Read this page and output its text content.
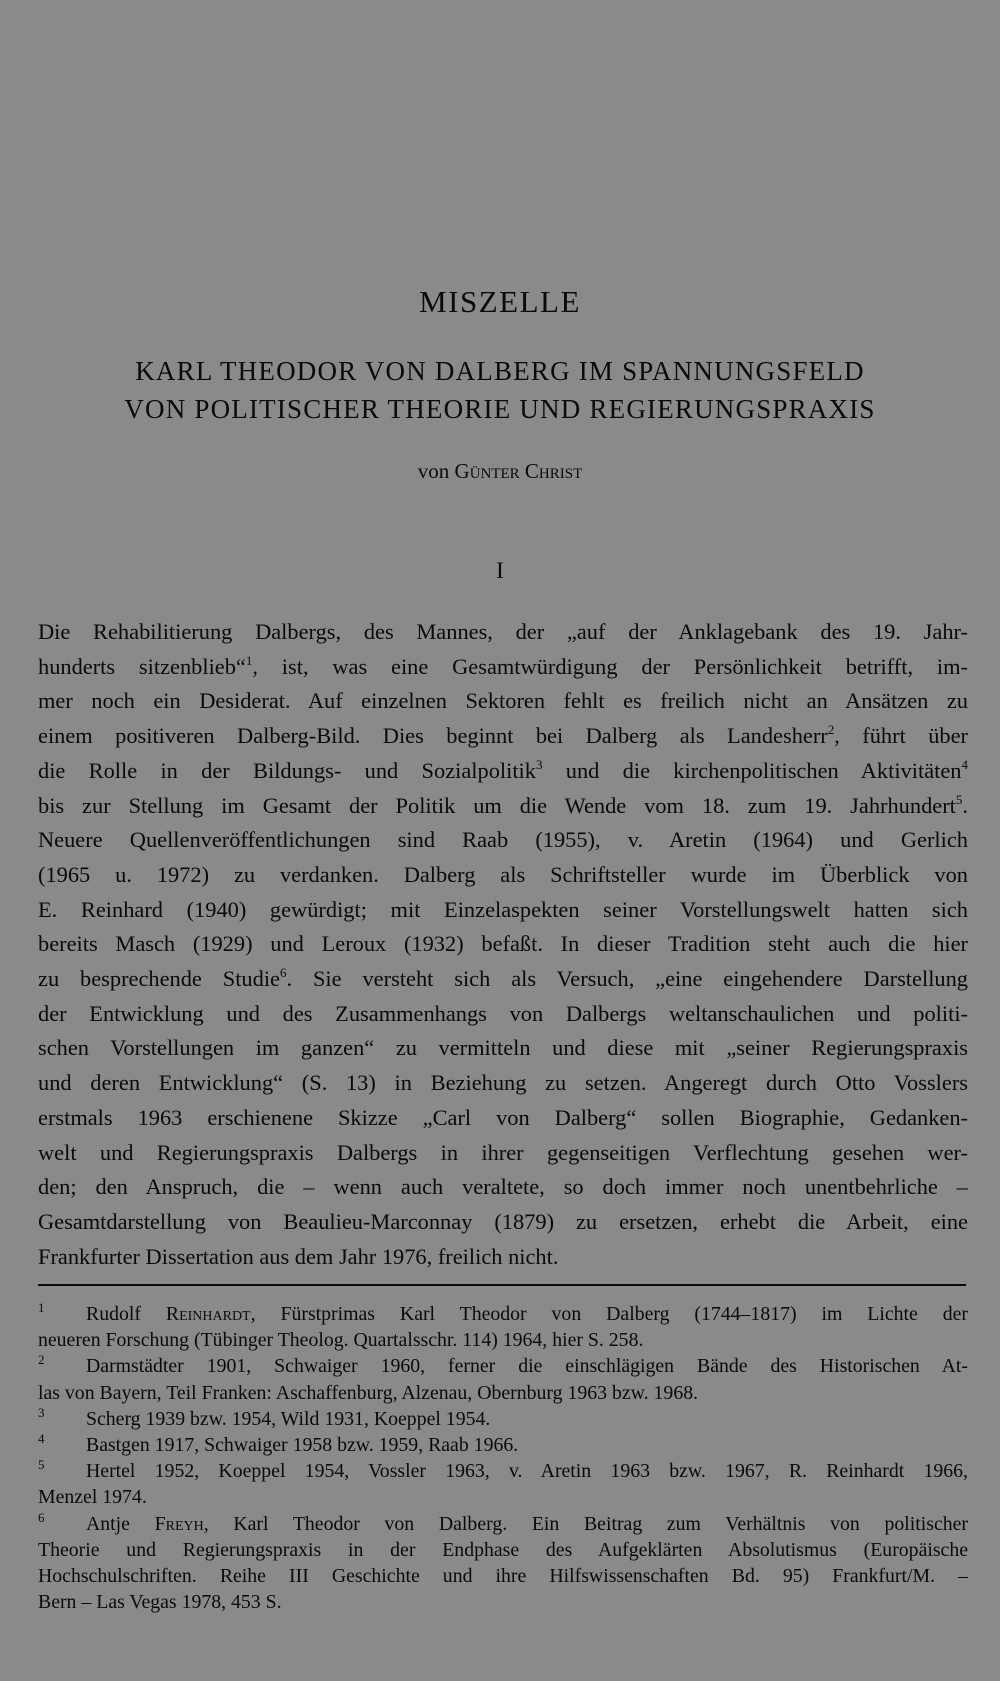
MISZELLE
KARL THEODOR VON DALBERG IM SPANNUNGSFELD
VON POLITISCHER THEORIE UND REGIERUNGSPRAXIS
von Günter Christ
I
Die Rehabilitierung Dalbergs, des Mannes, der „auf der Anklagebank des 19. Jahr-
hunderts sitzenblieb“$^1$, ist, was eine Gesamtwürdigung der Persönlichkeit betrifft, im-
mer noch ein Desiderat. Auf einzelnen Sektoren fehlt es freilich nicht an Ansätzen zu
einem positiveren Dalberg-Bild. Dies beginnt bei Dalberg als Landesherr$^2$, führt über
die Rolle in der Bildungs- und Sozialpolitik$^3$ und die kirchenpolitischen Aktivitäten$^4$
bis zur Stellung im Gesamt der Politik um die Wende vom 18. zum 19. Jahrhundert$^5$.
Neuere Quellenveröffentlichungen sind Raab (1955), v. Aretin (1964) und Gerlich
(1965 u. 1972) zu verdanken. Dalberg als Schriftsteller wurde im Überblick von
E. Reinhard (1940) gewürdigt; mit Einzelaspekten seiner Vorstellungswelt hatten sich
bereits Masch (1929) und Leroux (1932) befaßt. In dieser Tradition steht auch die hier
zu besprechende Studie$^6$. Sie versteht sich als Versuch, „eine eingehendere Darstellung
der Entwicklung und des Zusammenhangs von Dalbergs weltanschaulichen und politi-
schen Vorstellungen im ganzen“ zu vermitteln und diese mit „seiner Regierungspraxis
und deren Entwicklung“ (S. 13) in Beziehung zu setzen. Angeregt durch Otto Vosslers
erstmals 1963 erschienene Skizze „Carl von Dalberg“ sollen Biographie, Gedanken-
welt und Regierungspraxis Dalbergs in ihrer gegenseitigen Verflechtung gesehen wer-
den; den Anspruch, die – wenn auch veraltete, so doch immer noch unentbehrliche –
Gesamtdarstellung von Beaulieu-Marconnay (1879) zu ersetzen, erhebt die Arbeit, eine
Frankfurter Dissertation aus dem Jahr 1976, freilich nicht.
1 Rudolf Reinhardt, Fürstprimas Karl Theodor von Dalberg (1744–1817) im Lichte der
neueren Forschung (Tübinger Theolog. Quartalsschr. 114) 1964, hier S. 258.
2 Darmstädter 1901, Schwaiger 1960, ferner die einschlägigen Bände des Historischen At-
las von Bayern, Teil Franken: Aschaffenburg, Alzenau, Obernburg 1963 bzw. 1968.
3 Scherg 1939 bzw. 1954, Wild 1931, Koeppel 1954.
4 Bastgen 1917, Schwaiger 1958 bzw. 1959, Raab 1966.
5 Hertel 1952, Koeppel 1954, Vossler 1963, v. Aretin 1963 bzw. 1967, R. Reinhardt 1966,
Menzel 1974.
6 Antje Freyh, Karl Theodor von Dalberg. Ein Beitrag zum Verhältnis von politischer
Theorie und Regierungspraxis in der Endphase des Aufgeklärten Absolutismus (Europäische
Hochschulschriften. Reihe III Geschichte und ihre Hilfswissenschaften Bd. 95) Frankfurt/M. –
Bern – Las Vegas 1978, 453 S.
